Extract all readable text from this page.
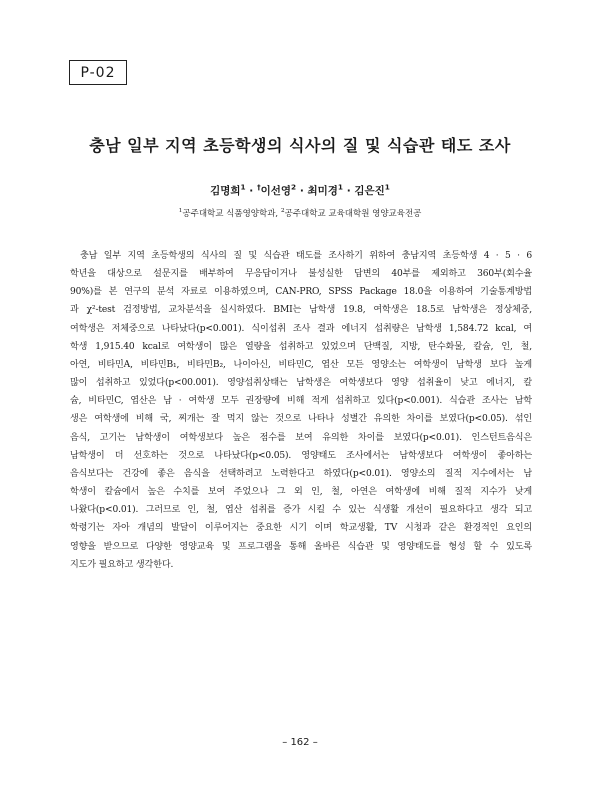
P-02
충남 일부 지역 초등학생의 식사의 질 및 식습관 태도 조사
김명희$^1$ · †이선영$^2$ · 최미경$^1$ · 김은진$^1$
$^1$공주대학교 식품영양학과, $^2$공주대학교 교육대학원 영양교육전공

충남 일부 지역 초등학생의 식사의 질 및 식습관 태도를 조사하기 위하여 충남지역 초등학생 4 · 5 · 6
학년을 대상으로 설문지를 배부하여 무응답이거나 불성실한 답변의 40부를 제외하고 360부(회수율
90%)를 본 연구의 분석 자료로 이용하였으며, CAN-PRO, SPSS Package 18.0을 이용하여 기술통계방법
과 χ²-test 검정방법, 교차분석을 실시하였다. BMI는 남학생 19.8, 여학생은 18.5로 남학생은 정상체중,
여학생은 저체중으로 나타났다(p<0.001). 식이섭취 조사 결과 에너지 섭취량은 남학생 1,584.72 kcal, 여
학생 1,915.40 kcal로 여학생이 많은 열량을 섭취하고 있었으며 단백질, 지방, 탄수화물, 칼슘, 인, 철,
아연, 비타민A, 비타민B₁, 비타민B₂, 나이아신, 비타민C, 엽산 모든 영양소는 여학생이 남학생 보다 높게
많이 섭취하고 있었다(p<00.001). 영양섭취상태는 남학생은 여학생보다 영양 섭취율이 낮고 에너지, 칼
슘, 비타민C, 엽산은 남 · 여학생 모두 권장량에 비해 적게 섭취하고 있다(p<0.001). 식습관 조사는 남학
생은 여학생에 비해 국, 찌개는 잘 먹지 않는 것으로 나타나 성별간 유의한 차이를 보였다(p<0.05). 섞인
음식, 고기는 남학생이 여학생보다 높은 점수를 보여 유의한 차이를 보였다(p<0.01). 인스턴트음식은
남학생이 더 선호하는 것으로 나타났다(p<0.05). 영양태도 조사에서는 남학생보다 여학생이 좋아하는
음식보다는 건강에 좋은 음식을 선택하려고 노력한다고 하였다(p<0.01). 영양소의 질적 지수에서는 남
학생이 칼슘에서 높은 수치를 보여 주었으나 그 외 인, 철, 아연은 여학생에 비해 질적 지수가 낮게
나왔다(p<0.01). 그러므로 인, 철, 엽산 섭취를 증가 시킬 수 있는 식생활 개선이 필요하다고 생각 되고
학령기는 자아 개념의 발달이 이루어지는 중요한 시기 이며 학교생활, TV 시청과 같은 환경적인 요인의
영향을 받으므로 다양한 영양교육 및 프로그램을 통해 올바른 식습관 및 영양태도를 형성 할 수 있도록
지도가 필요하고 생각한다.

– 162 –
